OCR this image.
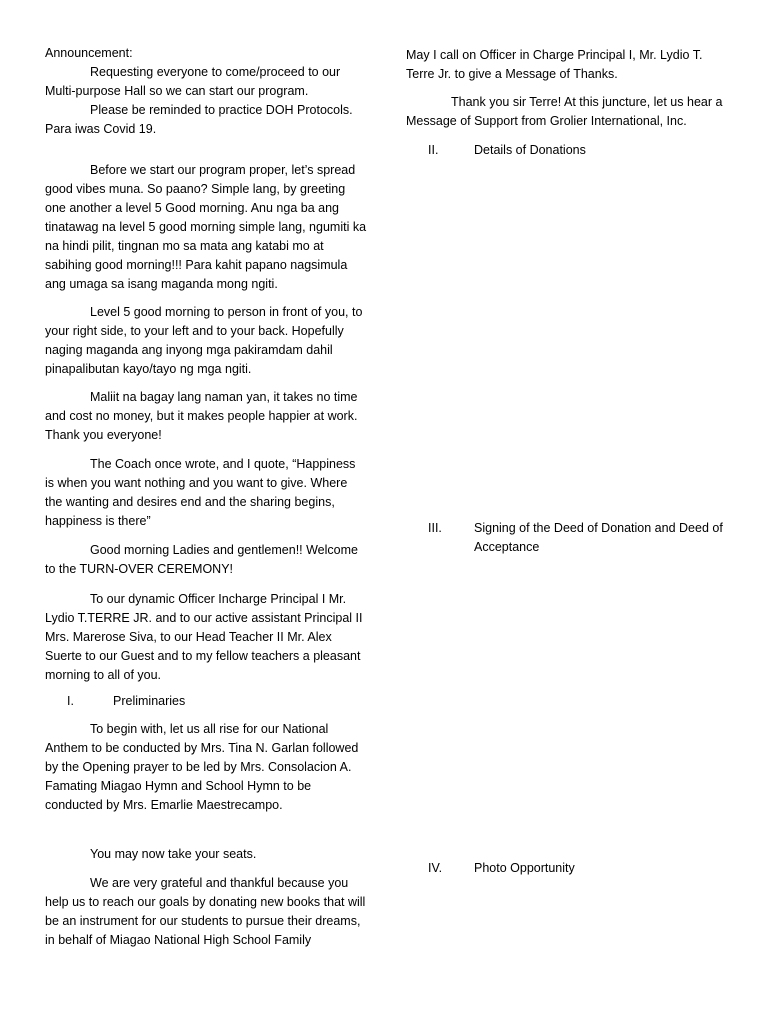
Announcement:

Requesting everyone to come/proceed to our Multi-purpose Hall so we can start our program.

Please be reminded to practice DOH Protocols. Para iwas Covid 19.

Before we start our program proper, let’s spread good vibes muna. So paano? Simple lang, by greeting one another a level 5 Good morning. Anu nga ba ang tinatawag na level 5 good morning simple lang, ngumiti ka na hindi pilit, tingnan mo sa mata ang katabi mo at sabihing good morning!!! Para kahit papano nagsimula ang umaga sa isang maganda mong ngiti.

Level 5 good morning to person in front of you, to your right side, to your left and to your back. Hopefully naging maganda ang inyong mga pakiramdam dahil pinapalibutan kayo/tayo ng mga ngiti.

Maliit na bagay lang naman yan, it takes no time and cost no money, but it makes people happier at work. Thank you everyone!

The Coach once wrote, and I quote, “Happiness is when you want nothing and you want to give. Where the wanting and desires end and the sharing begins, happiness is there”

Good morning Ladies and gentlemen!! Welcome to the TURN-OVER CEREMONY!

To our dynamic Officer Incharge Principal I Mr. Lydio T.TERRE JR. and to our active assistant Principal II Mrs. Marerose Siva, to our Head Teacher II Mr. Alex Suerte to our Guest and to my fellow teachers a pleasant morning to all of you.

I.	Preliminaries

To begin with, let us all rise for our National Anthem to be conducted by Mrs. Tina N. Garlan followed by the Opening prayer to be led by Mrs. Consolacion A. Famating Miagao Hymn and School Hymn to be conducted by Mrs. Emarlie Maestrecampo.

You may now take your seats.

We are very grateful and thankful because you help us to reach our goals by donating new books that will be an instrument for our students to pursue their dreams, in behalf of Miagao National High School Family

May I call on Officer in Charge Principal I, Mr. Lydio T. Terre Jr. to give a Message of Thanks.

Thank you sir Terre! At this juncture, let us hear a Message of Support from Grolier International, Inc.

II.	Details of Donations
III.	Signing of the Deed of Donation and Deed of Acceptance
IV.	Photo Opportunity
